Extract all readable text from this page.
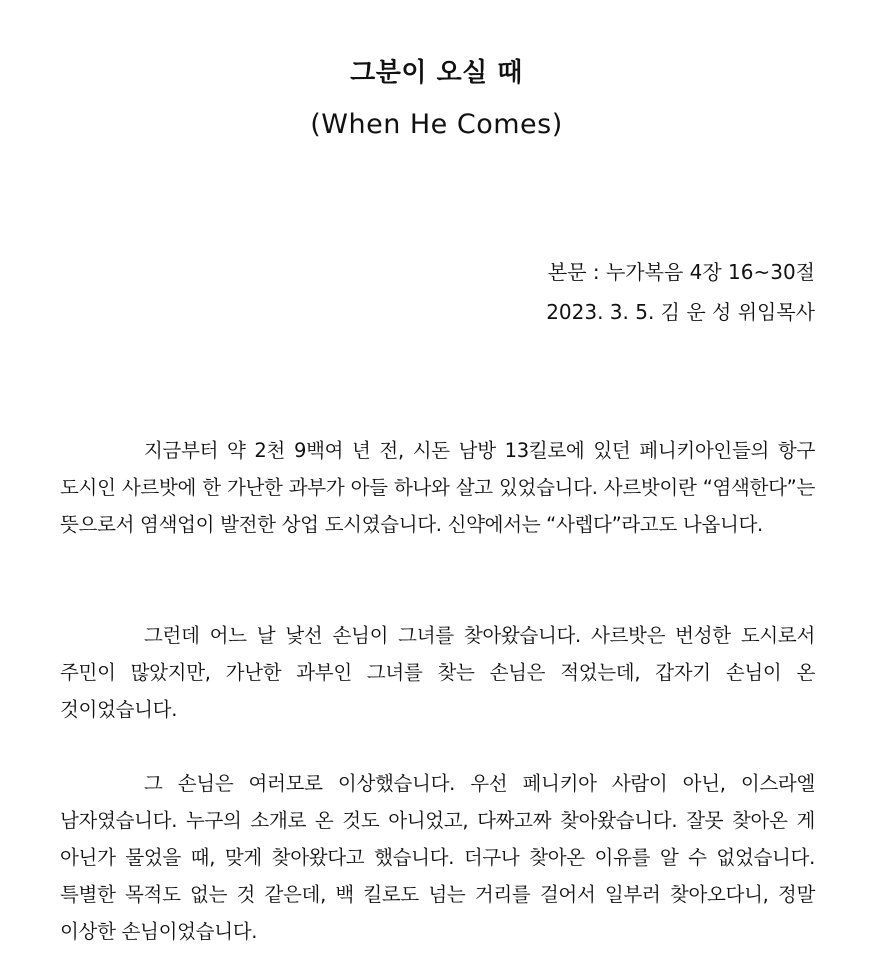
그분이 오실 때
(When He Comes)
본문 : 누가복음 4장 16~30절
2023. 3. 5. 김 운 성 위임목사

지금부터 약 2천 9백여 년 전, 시돈 남방 13킬로에 있던 페니키아인들의 항구 도시인 사르밧에 한 가난한 과부가 아들 하나와 살고 있었습니다. 사르밧이란 “염색한다”는 뜻으로서 염색업이 발전한 상업 도시였습니다. 신약에서는 “사렙다”라고도 나옵니다.

그런데 어느 날 낯선 손님이 그녀를 찾아왔습니다. 사르밧은 번성한 도시로서 주민이 많았지만, 가난한 과부인 그녀를 찾는 손님은 적었는데, 갑자기 손님이 온 것이었습니다.

그 손님은 여러모로 이상했습니다. 우선 페니키아 사람이 아닌, 이스라엘 남자였습니다. 누구의 소개로 온 것도 아니었고, 다짜고짜 찾아왔습니다. 잘못 찾아온 게 아닌가 물었을 때, 맞게 찾아왔다고 했습니다. 더구나 찾아온 이유를 알 수 없었습니다. 특별한 목적도 없는 것 같은데, 백 킬로도 넘는 거리를 걸어서 일부러 찾아오다니, 정말 이상한 손님이었습니다.
